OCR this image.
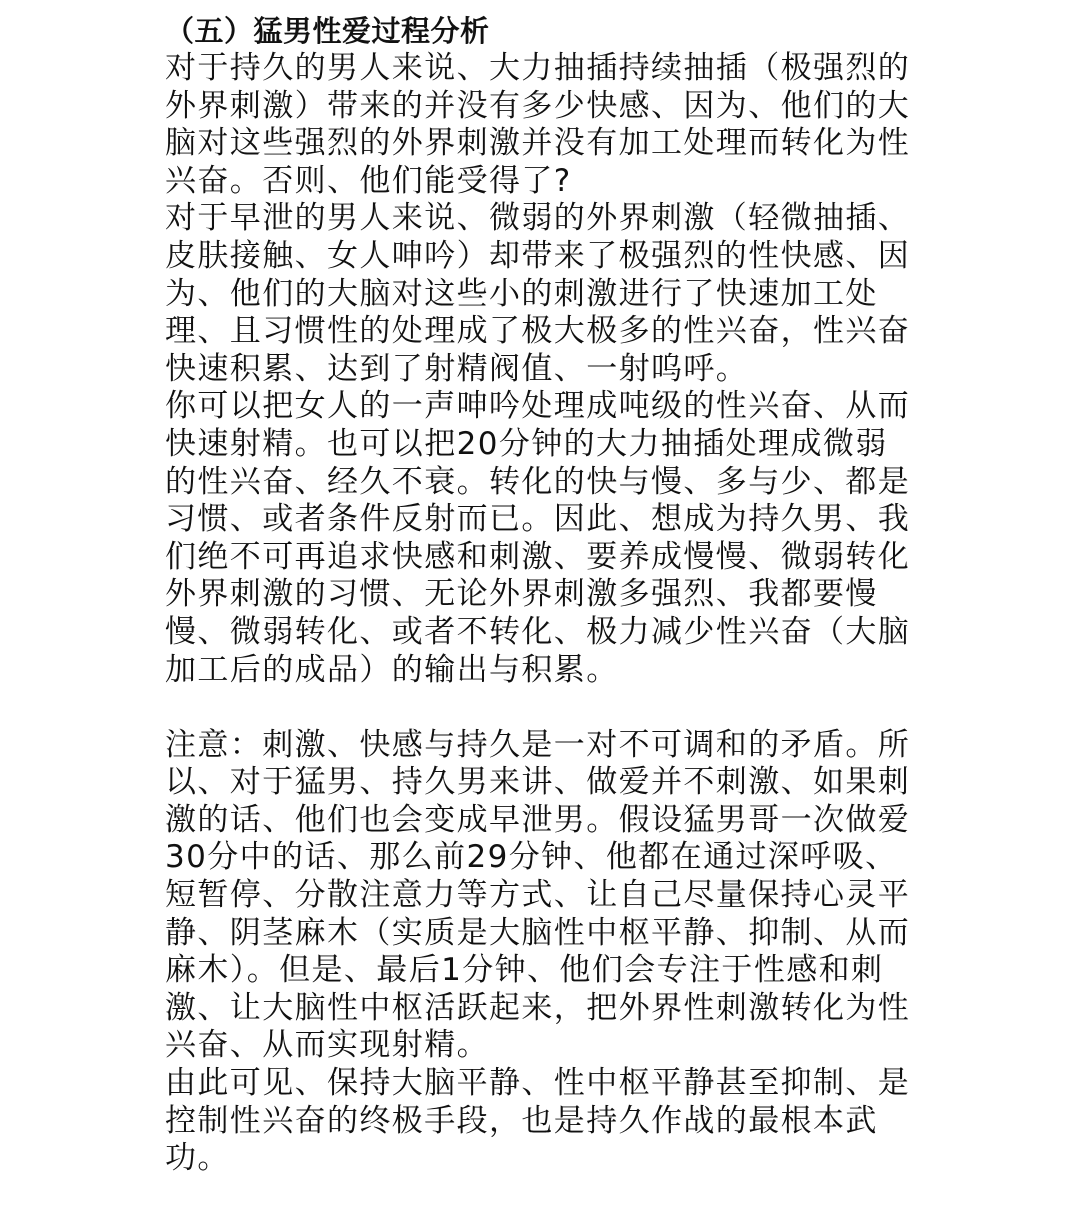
（五）猛男性爱过程分析

对于持久的男人来说、大力抽插持续抽插（极强烈的

外界刺激）带来的并没有多少快感、因为、他们的大

脑对这些强烈的外界刺激并没有加工处理而转化为性

兴奋。否则、他们能受得了?

对于早泄的男人来说、微弱的外界刺激（轻微抽插、

皮肤接触、女人呻吟）却带来了极强烈的性快感、因

为、他们的大脑对这些小的刺激进行了快速加工处

理、且习惯性的处理成了极大极多的性兴奋，性兴奋

快速积累、达到了射精阀值、一射呜呼。

你可以把女人的一声呻吟处理成吨级的性兴奋、从而

快速射精。也可以把20分钟的大力抽插处理成微弱

的性兴奋、经久不衰。转化的快与慢、多与少、都是

习惯、或者条件反射而已。因此、想成为持久男、我

们绝不可再追求快感和刺激、要养成慢慢、微弱转化

外界刺激的习惯、无论外界刺激多强烈、我都要慢

慢、微弱转化、或者不转化、极力减少性兴奋（大脑

加工后的成品）的输出与积累。

注意：刺激、快感与持久是一对不可调和的矛盾。所

以、对于猛男、持久男来讲、做爱并不刺激、如果刺

激的话、他们也会变成早泄男。假设猛男哥一次做爱

30分中的话、那么前29分钟、他都在通过深呼吸、

短暂停、分散注意力等方式、让自己尽量保持心灵平

静、阴茎麻木（实质是大脑性中枢平静、抑制、从而

麻木）。但是、最后1分钟、他们会专注于性感和刺

激、让大脑性中枢活跃起来，把外界性刺激转化为性

兴奋、从而实现射精。

由此可见、保持大脑平静、性中枢平静甚至抑制、是

控制性兴奋的终极手段，也是持久作战的最根本武

功。
